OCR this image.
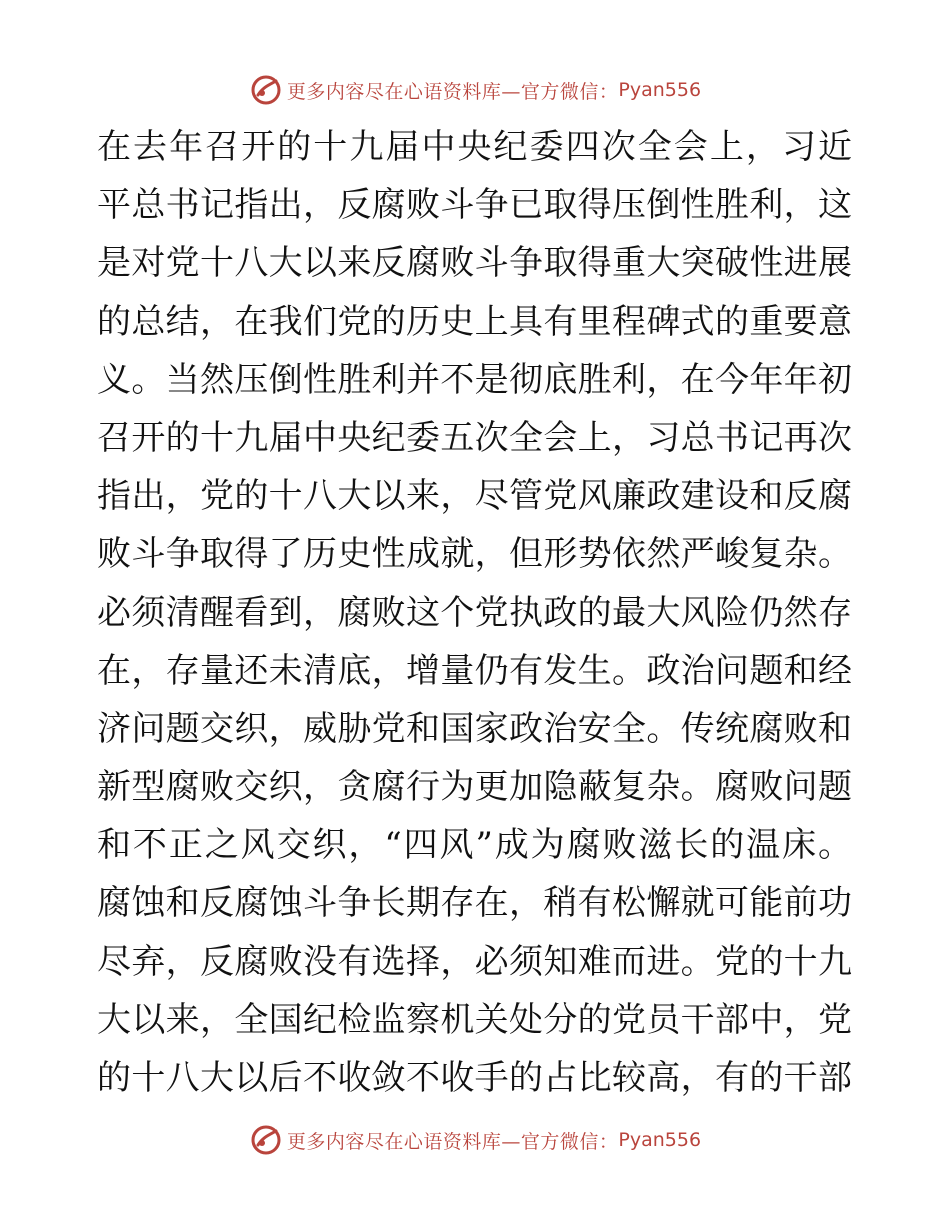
更多内容尽在心语资料库—官方微信： Pyan556
在去年召开的十九届中央纪委四次全会上，习近
平总书记指出，反腐败斗争已取得压倒性胜利，这
是对党十八大以来反腐败斗争取得重大突破性进展
的总结，在我们党的历史上具有里程碑式的重要意
义。当然压倒性胜利并不是彻底胜利，在今年年初
召开的十九届中央纪委五次全会上，习总书记再次
指出，党的十八大以来，尽管党风廉政建设和反腐
败斗争取得了历史性成就，但形势依然严峻复杂。
必须清醒看到，腐败这个党执政的最大风险仍然存
在，存量还未清底，增量仍有发生。政治问题和经
济问题交织，威胁党和国家政治安全。传统腐败和
新型腐败交织，贪腐行为更加隐蔽复杂。腐败问题
和不正之风交织，“四风”成为腐败滋长的温床。
腐蚀和反腐蚀斗争长期存在，稍有松懈就可能前功
尽弃，反腐败没有选择，必须知难而进。党的十九
大以来，全国纪检监察机关处分的党员干部中，党
的十八大以后不收敛不收手的占比较高，有的干部
更多内容尽在心语资料库—官方微信： Pyan556
